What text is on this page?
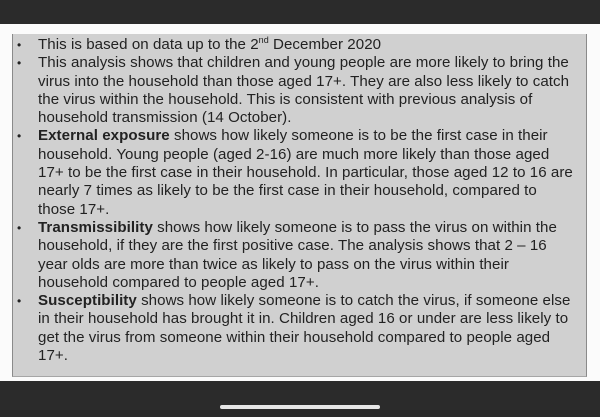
• This is based on data up to the 2nd December 2020
• This analysis shows that children and young people are more likely to bring the virus into the household than those aged 17+. They are also less likely to catch the virus within the household. This is consistent with previous analysis of household transmission (14 October).
• External exposure shows how likely someone is to be the first case in their household. Young people (aged 2-16) are much more likely than those aged 17+ to be the first case in their household. In particular, those aged 12 to 16 are nearly 7 times as likely to be the first case in their household, compared to those 17+.
• Transmissibility shows how likely someone is to pass the virus on within the household, if they are the first positive case. The analysis shows that 2 – 16 year olds are more than twice as likely to pass on the virus within their household compared to people aged 17+.
• Susceptibility shows how likely someone is to catch the virus, if someone else in their household has brought it in. Children aged 16 or under are less likely to get the virus from someone within their household compared to people aged 17+.
